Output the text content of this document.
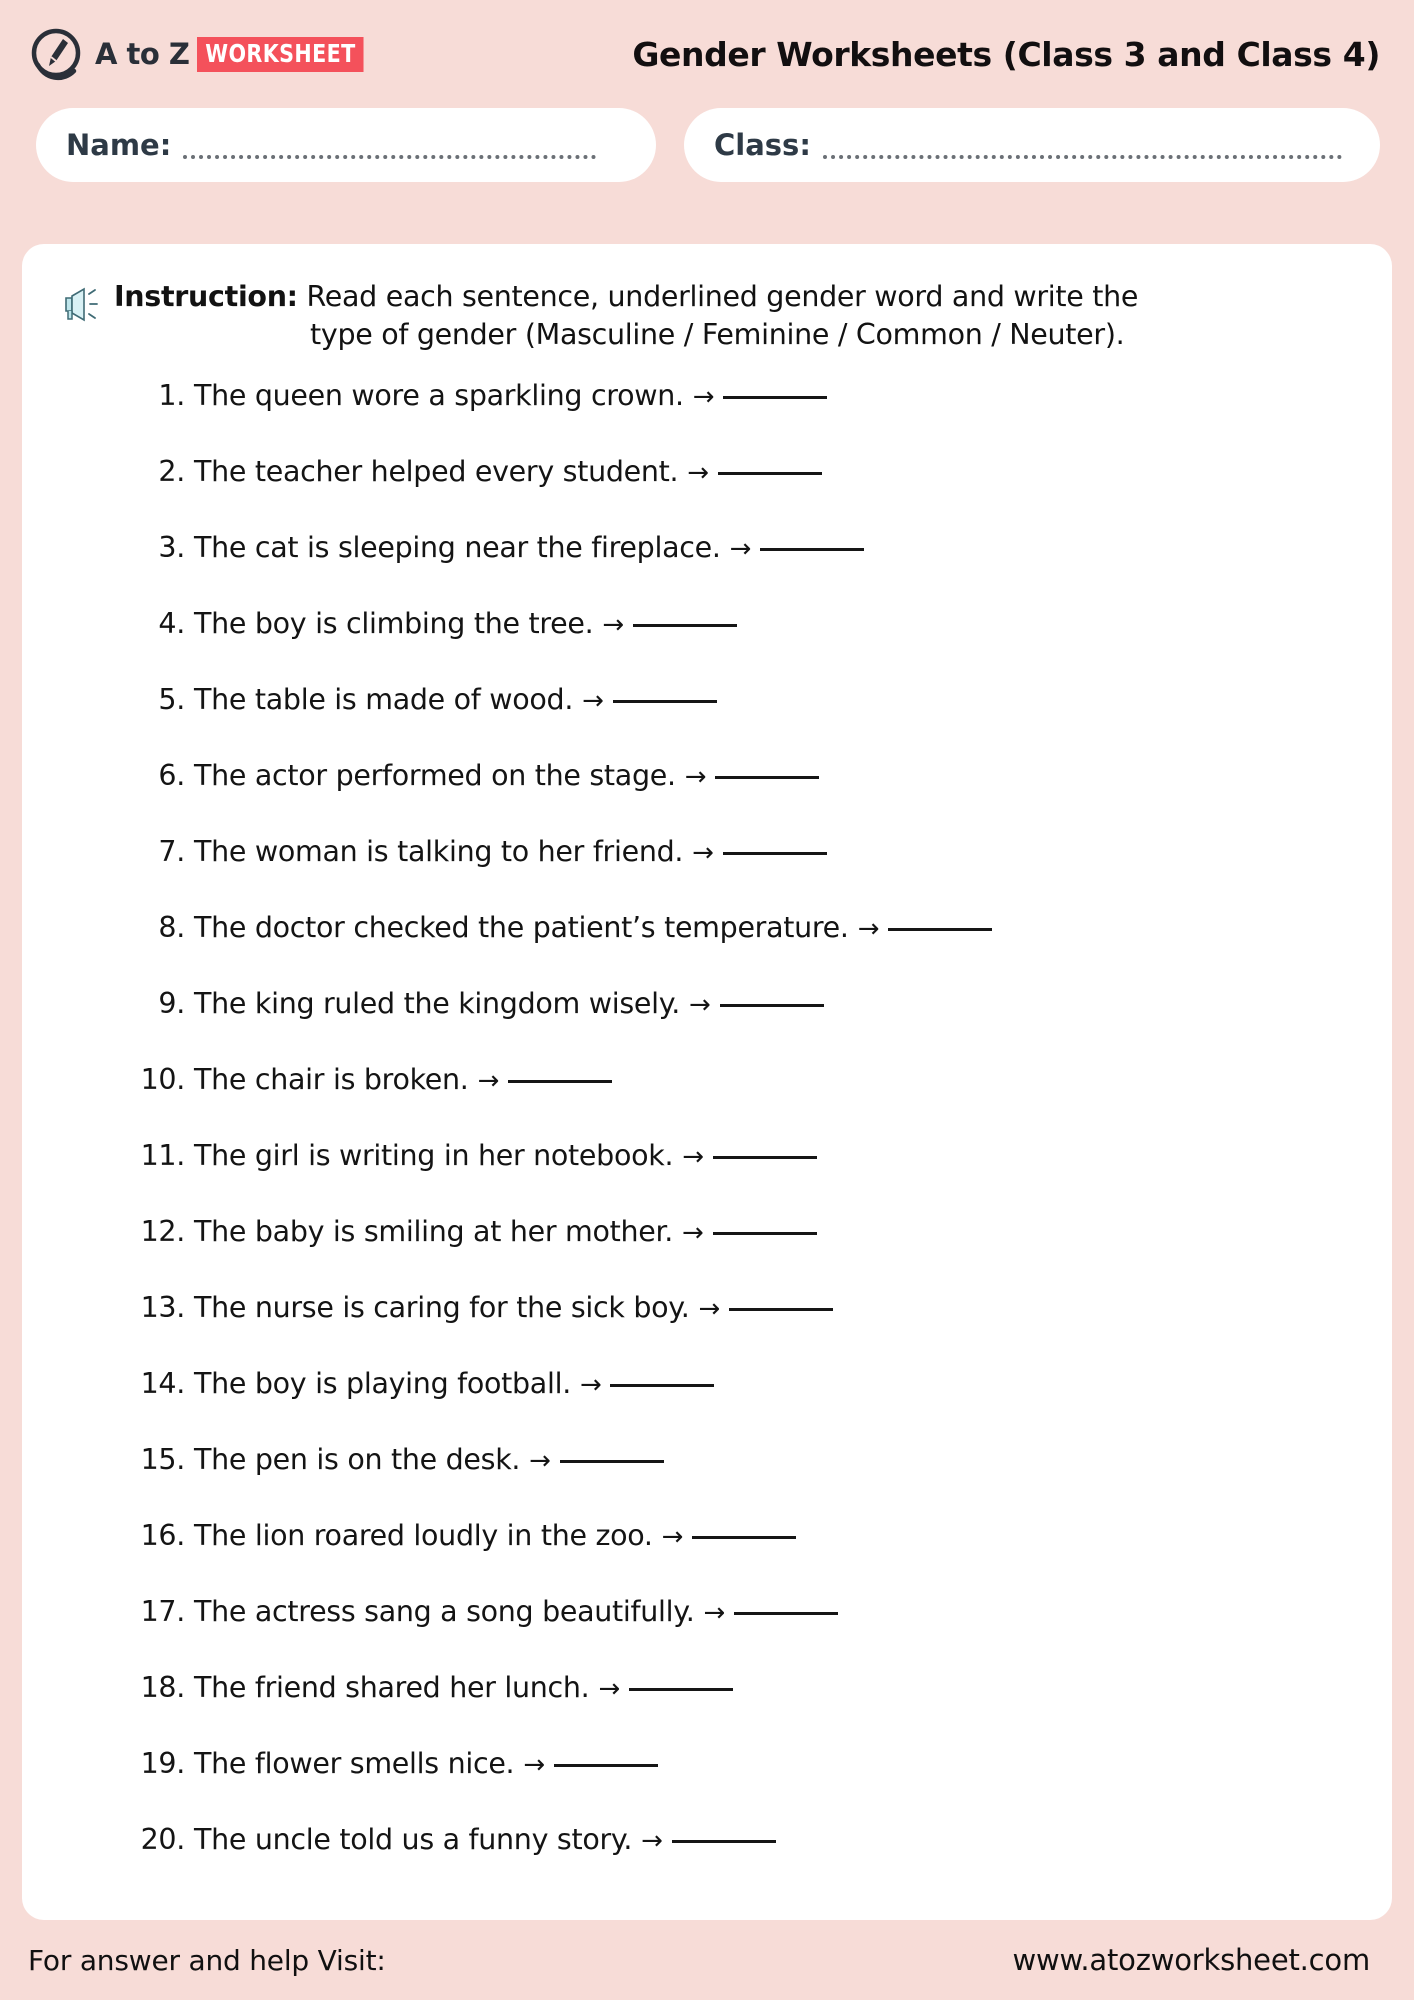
A to Z WORKSHEET	Gender Worksheets (Class 3 and Class 4)
Name:	Class:
Instruction: Read each sentence, underlined gender word and write the
type of gender (Masculine / Feminine / Common / Neuter).
1. The queen wore a sparkling crown. →
2. The teacher helped every student. →
3. The cat is sleeping near the fireplace. →
4. The boy is climbing the tree. →
5. The table is made of wood. →
6. The actor performed on the stage. →
7. The woman is talking to her friend. →
8. The doctor checked the patient’s temperature. →
9. The king ruled the kingdom wisely. →
10. The chair is broken. →
11. The girl is writing in her notebook. →
12. The baby is smiling at her mother. →
13. The nurse is caring for the sick boy. →
14. The boy is playing football. →
15. The pen is on the desk. →
16. The lion roared loudly in the zoo. →
17. The actress sang a song beautifully. →
18. The friend shared her lunch. →
19. The flower smells nice. →
20. The uncle told us a funny story. →
For answer and help Visit:	www.atozworksheet.com
